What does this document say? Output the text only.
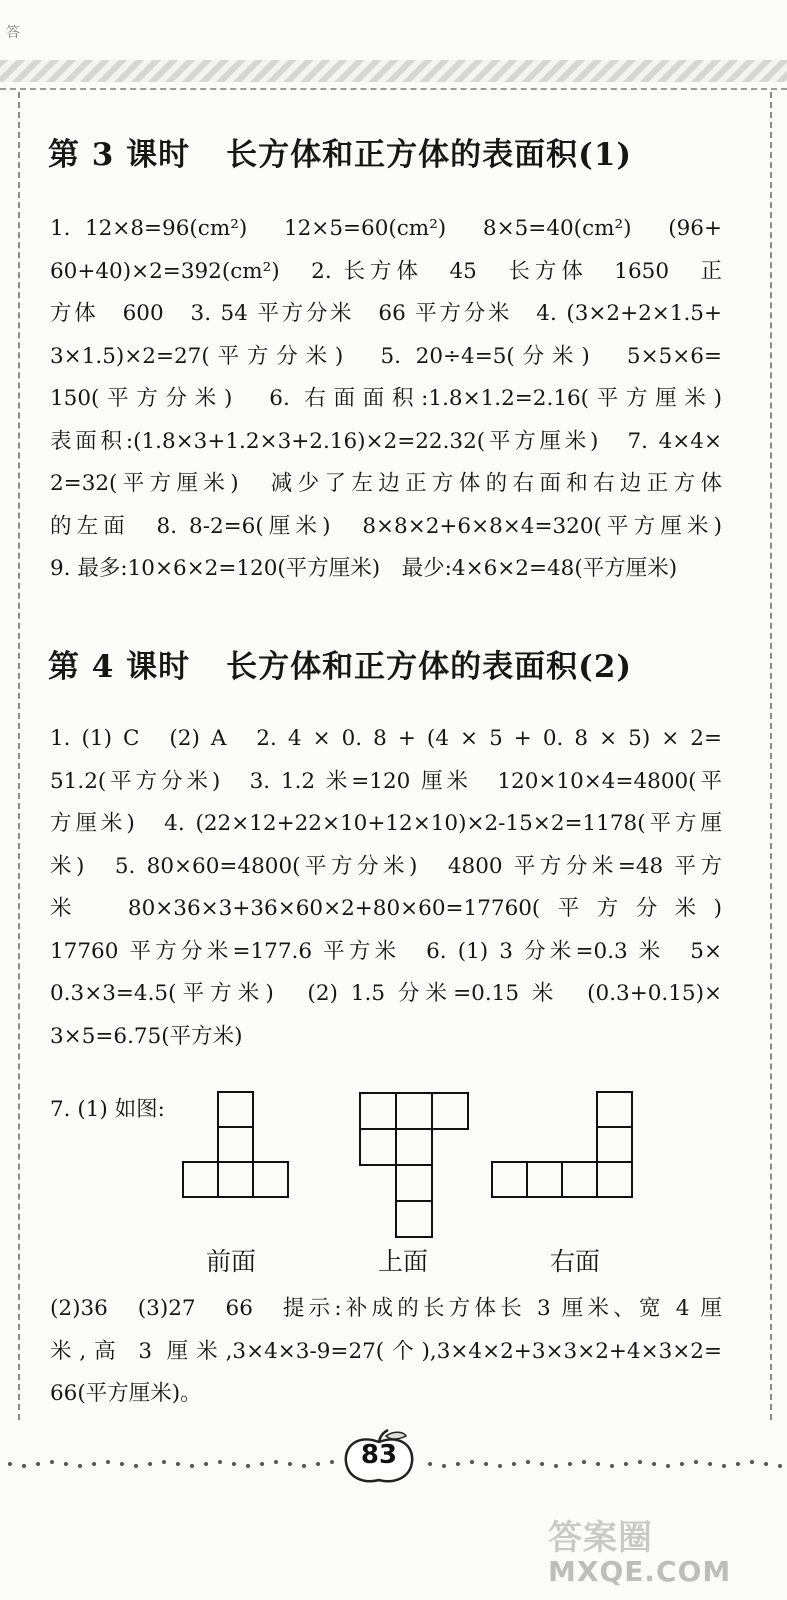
答
第 3 课时 长方体和正方体的表面积(1)
1. 12×8=96(cm²)　12×5=60(cm²)　8×5=40(cm²)　(96+
60+40)×2=392(cm²)　2. 长方体　45　长方体　1650　正
方体　600　3. 54 平方分米　66 平方分米　4. (3×2+2×1.5+
3×1.5)×2=27(平方分米)　5. 20÷4=5(分米)　5×5×6=
150(平方分米)　6. 右面面积:1.8×1.2=2.16(平方厘米)
表面积:(1.8×3+1.2×3+2.16)×2=22.32(平方厘米)　7. 4×4×
2=32(平方厘米)　减少了左边正方体的右面和右边正方体
的左面　8. 8-2=6(厘米)　8×8×2+6×8×4=320(平方厘米)
9. 最多:10×6×2=120(平方厘米)　最少:4×6×2=48(平方厘米)
第 4 课时 长方体和正方体的表面积(2)
1. (1) C　(2) A　2. 4 × 0. 8 + (4 × 5 + 0. 8 × 5) × 2=
51.2(平方分米)　3. 1.2 米=120 厘米　120×10×4=4800(平
方厘米)　4. (22×12+22×10+12×10)×2-15×2=1178(平方厘
米)　5. 80×60=4800(平方分米)　4800 平方分米=48 平方
米　80×36×3+36×60×2+80×60=17760(平方分米)
17760 平方分米=177.6 平方米　6. (1) 3 分米=0.3 米　5×
0.3×3=4.5(平方米)　(2) 1.5 分米=0.15 米　(0.3+0.15)×
3×5=6.75(平方米)
7. (1) 如图:
前面	上面	右面
(2)36　(3)27　66　提示:补成的长方体长 3 厘米、宽 4 厘
米,高 3 厘米,3×4×3-9=27(个),3×4×2+3×3×2+4×3×2=
66(平方厘米)。
83
答案圈
MXQE.COM
